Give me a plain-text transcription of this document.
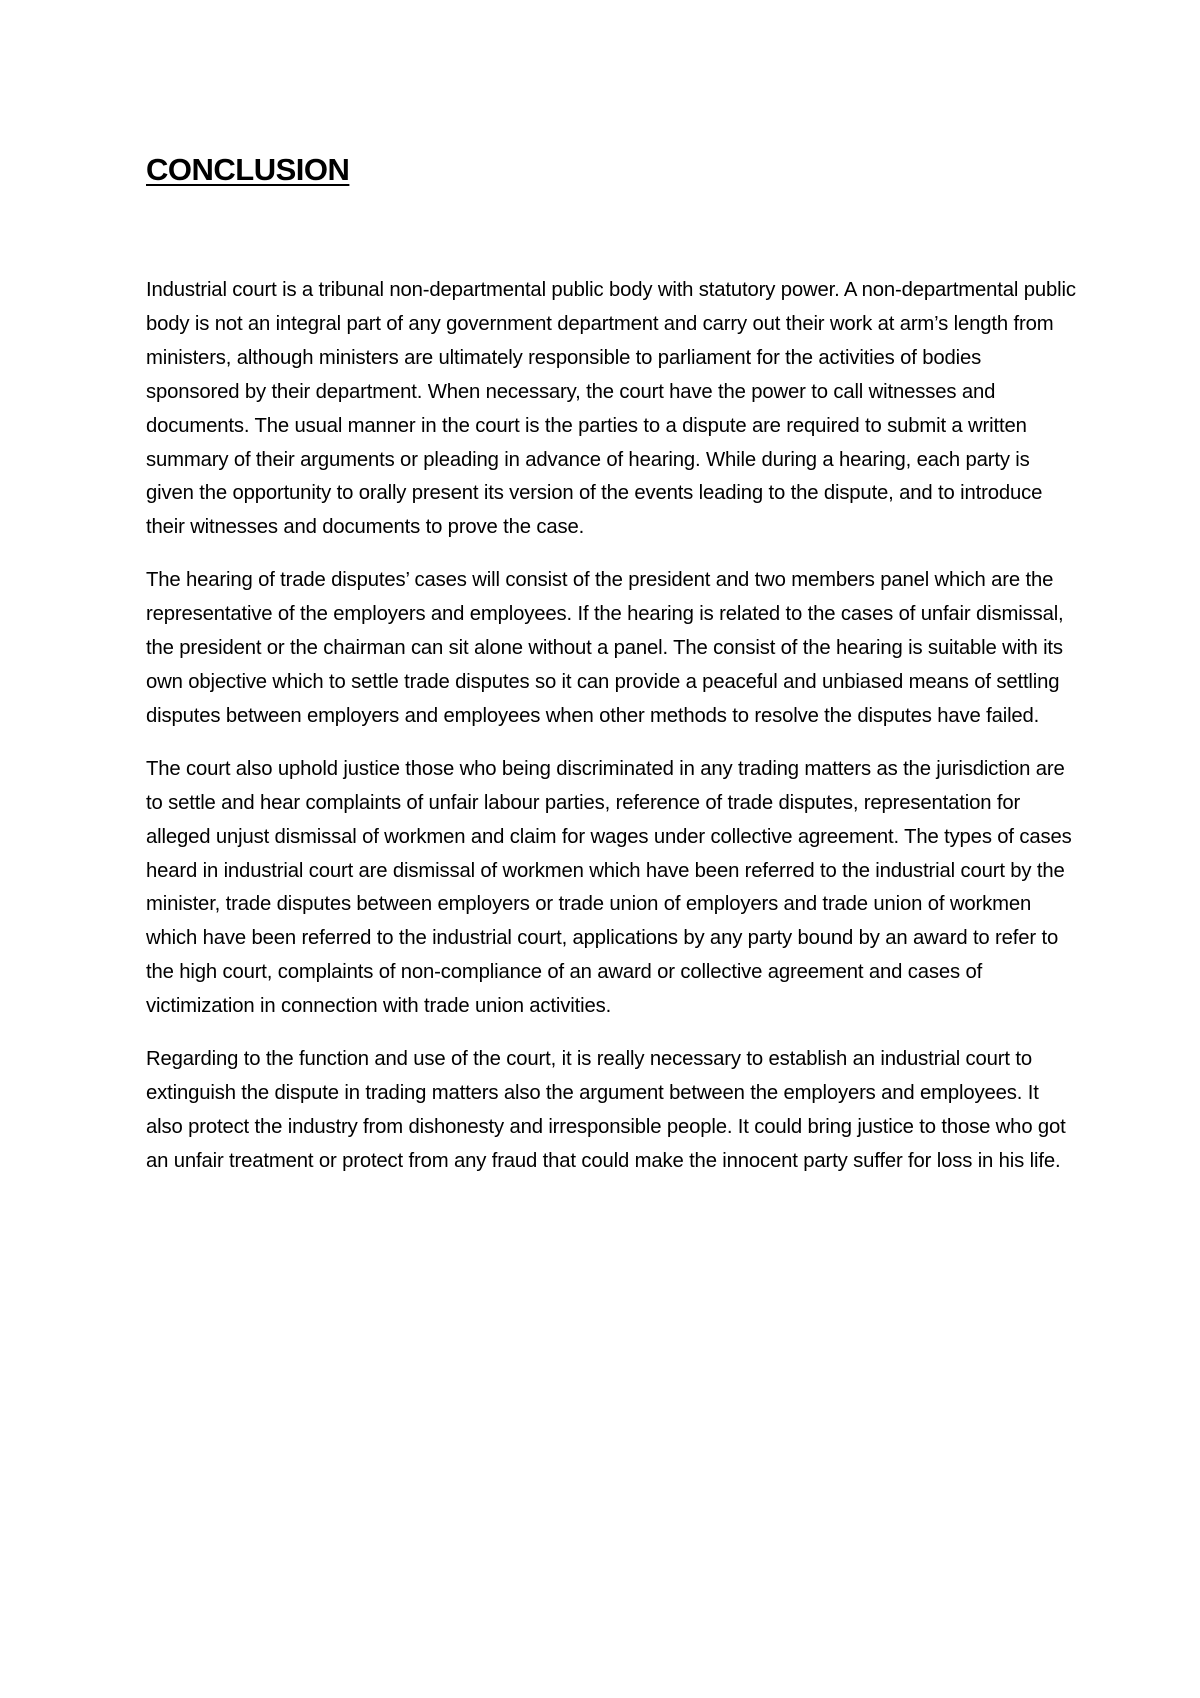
CONCLUSION

Industrial court is a tribunal non-departmental public body with statutory power. A non-departmental public body is not an integral part of any government department and carry out their work at arm’s length from ministers, although ministers are ultimately responsible to parliament for the activities of bodies sponsored by their department. When necessary, the court have the power to call witnesses and documents. The usual manner in the court is the parties to a dispute are required to submit a written summary of their arguments or pleading in advance of hearing. While during a hearing, each party is given the opportunity to orally present its version of the events leading to the dispute, and to introduce their witnesses and documents to prove the case.

The hearing of trade disputes’ cases will consist of the president and two members panel which are the representative of the employers and employees. If the hearing is related to the cases of unfair dismissal, the president or the chairman can sit alone without a panel. The consist of the hearing is suitable with its own objective which to settle trade disputes so it can provide a peaceful and unbiased means of settling disputes between employers and employees when other methods to resolve the disputes have failed.

The court also uphold justice those who being discriminated in any trading matters as the jurisdiction are to settle and hear complaints of unfair labour parties, reference of trade disputes, representation for alleged unjust dismissal of workmen and claim for wages under collective agreement. The types of cases heard in industrial court are dismissal of workmen which have been referred to the industrial court by the minister, trade disputes between employers or trade union of employers and trade union of workmen which have been referred to the industrial court, applications by any party bound by an award to refer to the high court, complaints of non-compliance of an award or collective agreement and cases of victimization in connection with trade union activities.

Regarding to the function and use of the court, it is really necessary to establish an industrial court to extinguish the dispute in trading matters also the argument between the employers and employees. It also protect the industry from dishonesty and irresponsible people. It could bring justice to those who got an unfair treatment or protect from any fraud that could make the innocent party suffer for loss in his life.
